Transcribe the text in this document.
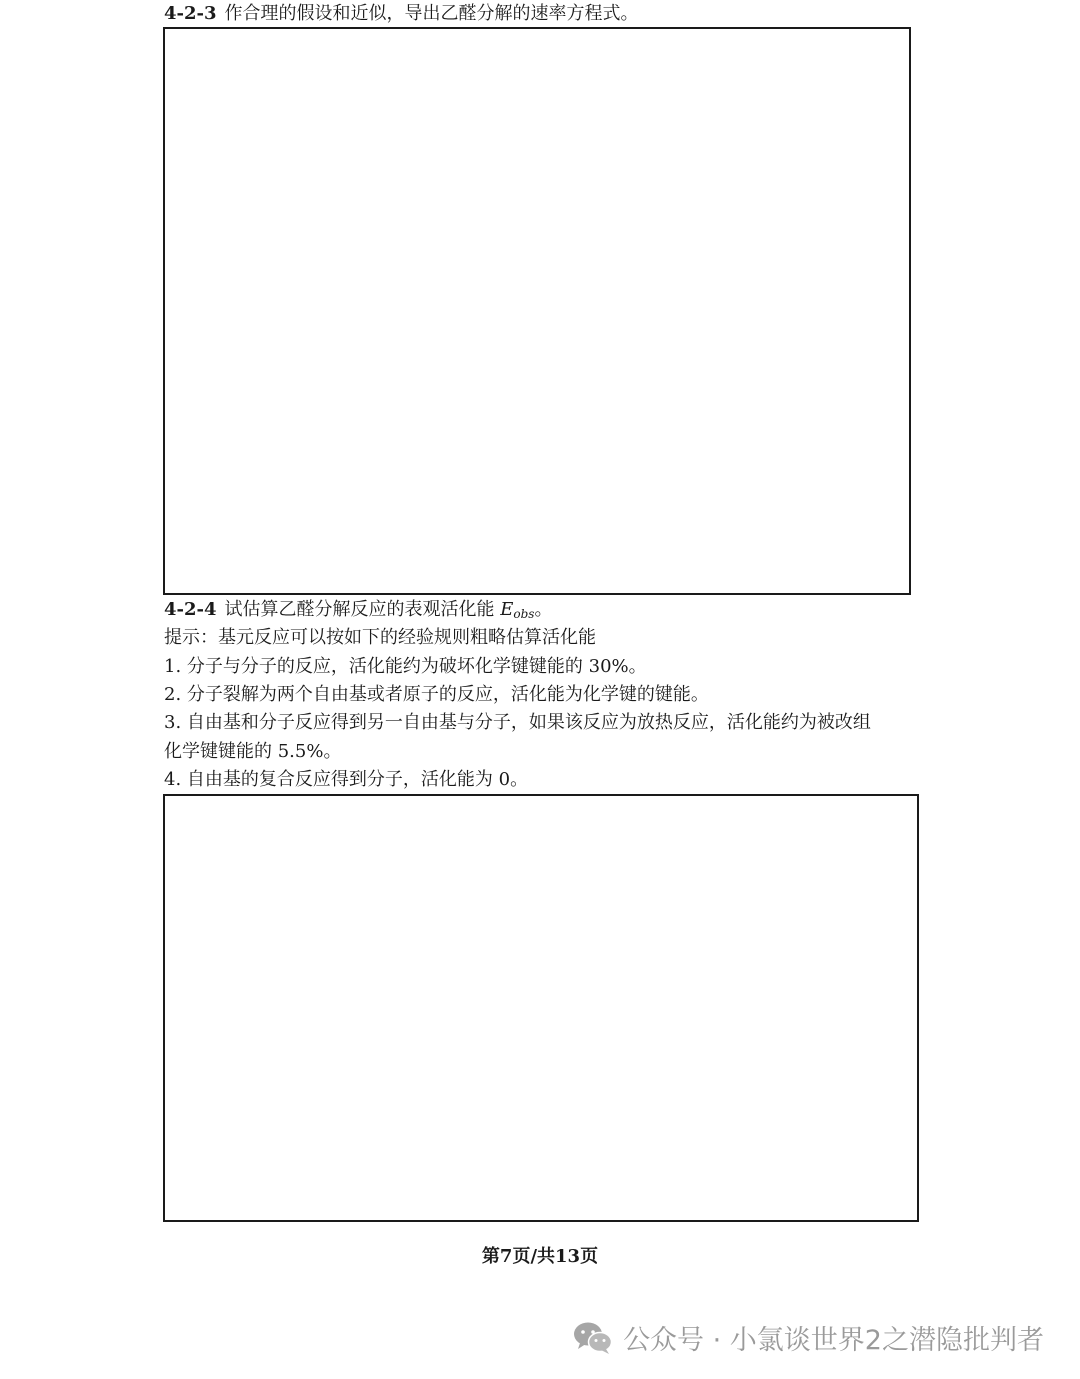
4-2-3 作合理的假设和近似，导出乙醛分解的速率方程式。
4-2-4 试估算乙醛分解反应的表观活化能 Eobs。
提示：基元反应可以按如下的经验规则粗略估算活化能
1. 分子与分子的反应，活化能约为破坏化学键键能的 30%。
2. 分子裂解为两个自由基或者原子的反应，活化能为化学键的键能。
3. 自由基和分子反应得到另一自由基与分子，如果该反应为放热反应，活化能约为被改组
化学键键能的 5.5%。
4. 自由基的复合反应得到分子，活化能为 0。
第7页/共13页
公众号 · 小氯谈世界2之潜隐批判者
